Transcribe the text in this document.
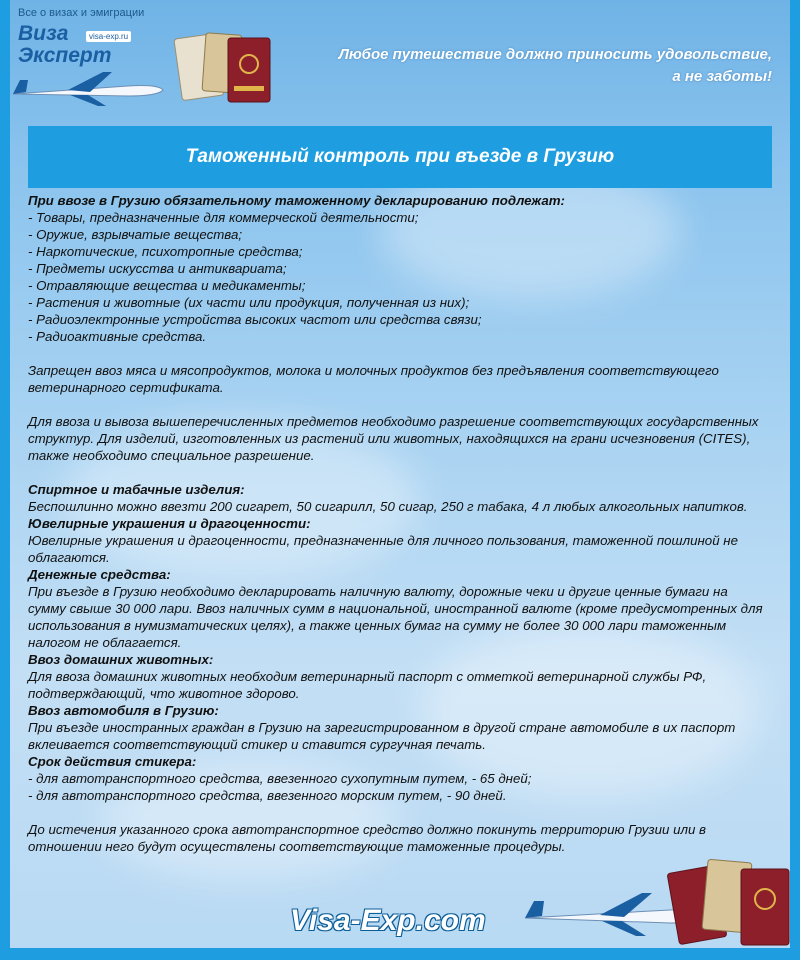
Все о визах и эмиграции
Виза
Эксперт
visa-exp.ru
Любое путешествие должно приносить удовольствие,
а не заботы!
Таможенный контроль при въезде в Грузию

При ввозе в Грузию обязательному таможенному декларированию подлежат:

- Товары, предназначенные для коммерческой деятельности;

- Оружие, взрывчатые вещества;

- Наркотические, психотропные средства;

- Предметы искусства и антиквариата;

- Отравляющие вещества и медикаменты;

- Растения и животные (их части или продукция, полученная из них);

- Радиоэлектронные устройства высоких частот или средства связи;

- Радиоактивные средства.

Запрещен ввоз мяса и мясопродуктов, молока и молочных продуктов без предъявления соответствующего ветеринарного сертификата.

Для ввоза и вывоза вышеперечисленных предметов необходимо разрешение соответствующих государственных структур. Для изделий, изготовленных из растений или животных, находящихся на грани исчезновения (CITES), также необходимо специальное разрешение.

Спиртное и табачные изделия:

Беспошлинно можно ввезти 200 сигарет, 50 сигарилл, 50 сигар, 250 г табака, 4 л любых алкогольных напитков.

Ювелирные украшения и драгоценности:

Ювелирные украшения и драгоценности, предназначенные для личного пользования, таможенной пошлиной не облагаются.

Денежные средства:

При въезде в Грузию необходимо декларировать наличную валюту, дорожные чеки и другие ценные бумаги на сумму свыше 30 000 лари. Ввоз наличных сумм в национальной, иностранной валюте (кроме предусмотренных для использования в нумизматических целях), а также ценных бумаг на сумму не более 30 000 лари таможенным налогом не облагается.

Ввоз домашних животных:

Для ввоза домашних животных необходим ветеринарный паспорт с отметкой ветеринарной службы РФ, подтверждающий, что животное здорово.

Ввоз автомобиля в Грузию:

При въезде иностранных граждан в Грузию на зарегистрированном в другой стране автомобиле в их паспорт вклеивается соответствующий стикер и ставится сургучная печать.

Срок действия стикера:

- для автотранспортного средства, ввезенного сухопутным путем, - 65 дней;

- для автотранспортного средства, ввезенного морским путем, - 90 дней.

До истечения указанного срока автотранспортное средство должно покинуть территорию Грузии или в отношении него будут осуществлены соответствующие таможенные процедуры.

Visa-Exp.com
